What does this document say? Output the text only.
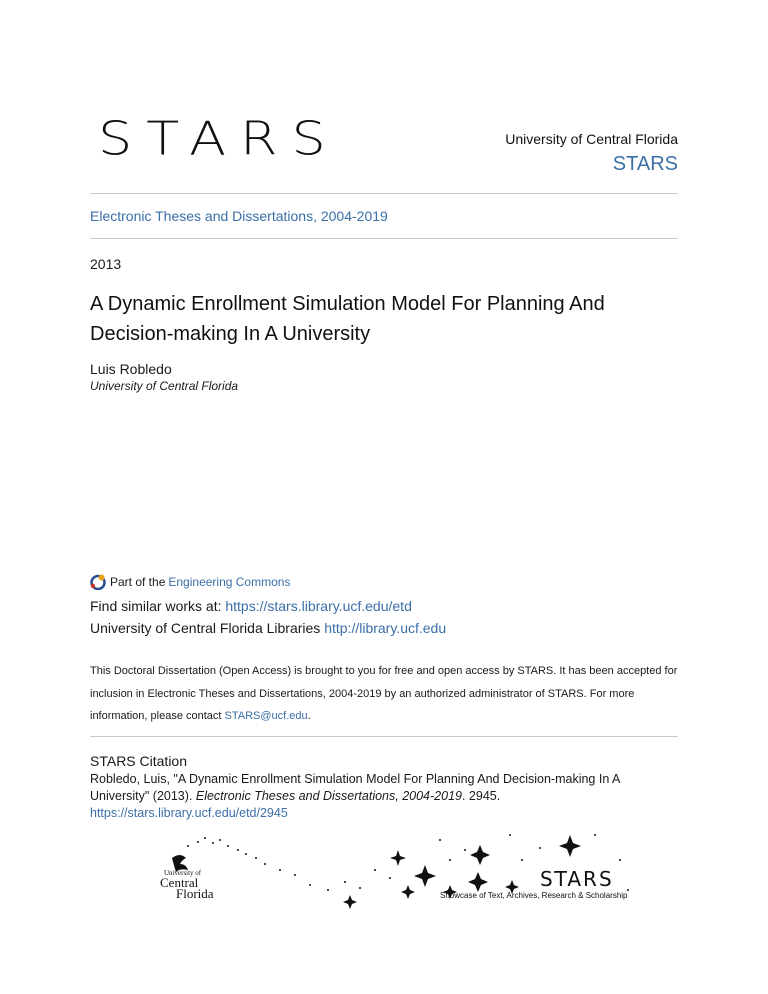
STARS	University of Central Florida
STARS
Electronic Theses and Dissertations, 2004-2019
2013
A Dynamic Enrollment Simulation Model For Planning And Decision-making In A University
Luis Robledo
University of Central Florida
Part of the Engineering Commons
Find similar works at: https://stars.library.ucf.edu/etd
University of Central Florida Libraries http://library.ucf.edu
This Doctoral Dissertation (Open Access) is brought to you for free and open access by STARS. It has been accepted for inclusion in Electronic Theses and Dissertations, 2004-2019 by an authorized administrator of STARS. For more information, please contact STARS@ucf.edu.
STARS Citation
Robledo, Luis, "A Dynamic Enrollment Simulation Model For Planning And Decision-making In A University" (2013). Electronic Theses and Dissertations, 2004-2019. 2945.
https://stars.library.ucf.edu/etd/2945
University of
Central
Florida
STARS
Showcase of Text, Archives, Research & Scholarship
